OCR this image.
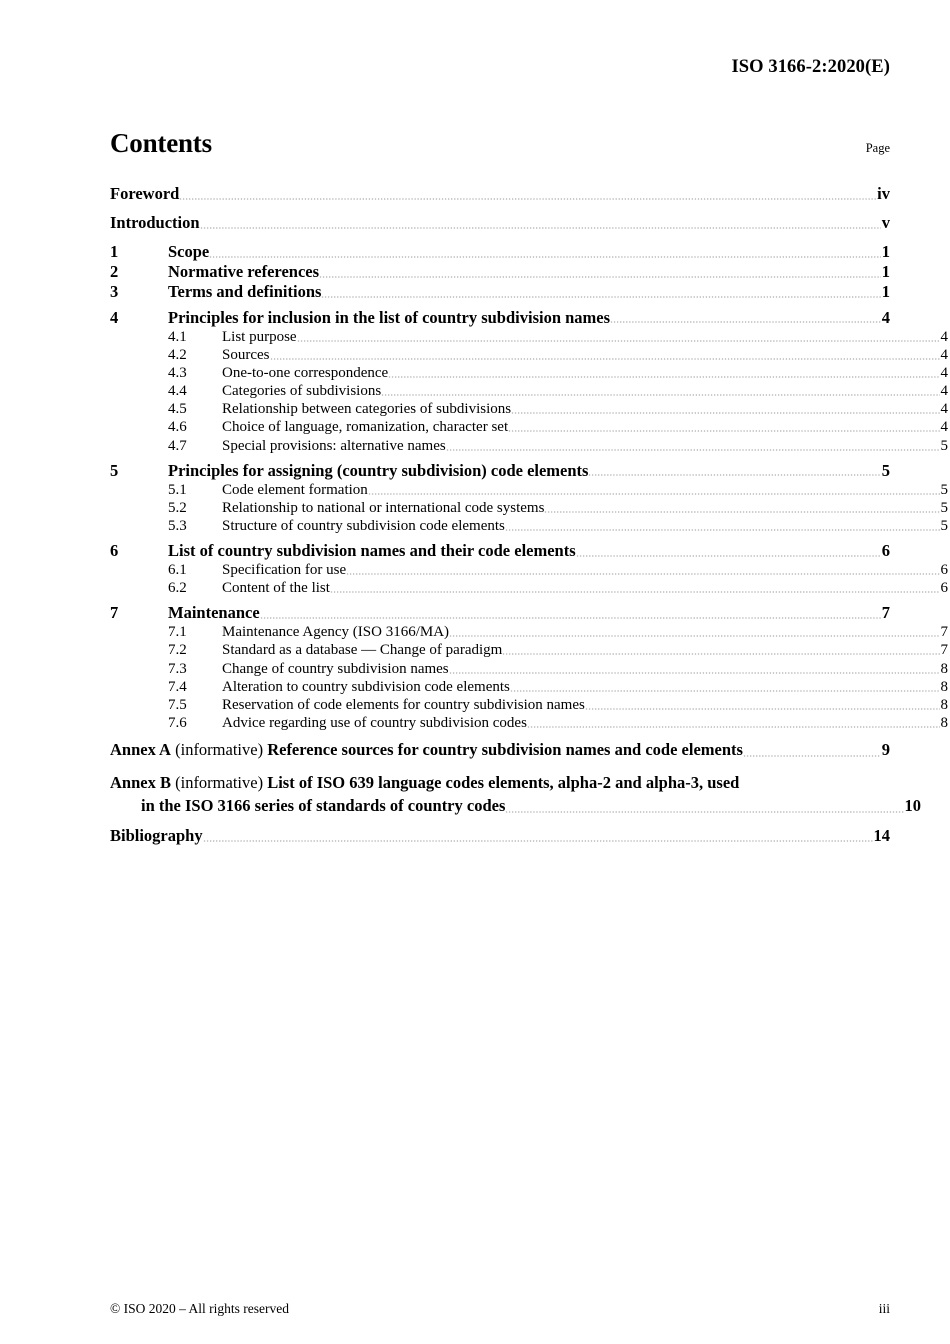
ISO 3166-2:2020(E)
Contents	Page
Foreword	iv
Introduction	v
1	Scope	1
2	Normative references	1
3	Terms and definitions	1
4	Principles for inclusion in the list of country subdivision names	4
4.1	List purpose	4
4.2	Sources	4
4.3	One-to-one correspondence	4
4.4	Categories of subdivisions	4
4.5	Relationship between categories of subdivisions	4
4.6	Choice of language, romanization, character set	4
4.7	Special provisions: alternative names	5
5	Principles for assigning (country subdivision) code elements	5
5.1	Code element formation	5
5.2	Relationship to national or international code systems	5
5.3	Structure of country subdivision code elements	5
6	List of country subdivision names and their code elements	6
6.1	Specification for use	6
6.2	Content of the list	6
7	Maintenance	7
7.1	Maintenance Agency (ISO 3166/MA)	7
7.2	Standard as a database — Change of paradigm	7
7.3	Change of country subdivision names	8
7.4	Alteration to country subdivision code elements	8
7.5	Reservation of code elements for country subdivision names	8
7.6	Advice regarding use of country subdivision codes	8
Annex A
(informative)
Reference sources for country subdivision names and code elements	9
Annex B
(informative)
List of ISO 639 language codes elements, alpha-2 and alpha-3, used
in the ISO 3166 series of standards of country codes	10
Bibliography	14
© ISO 2020 – All rights reserved	iii
